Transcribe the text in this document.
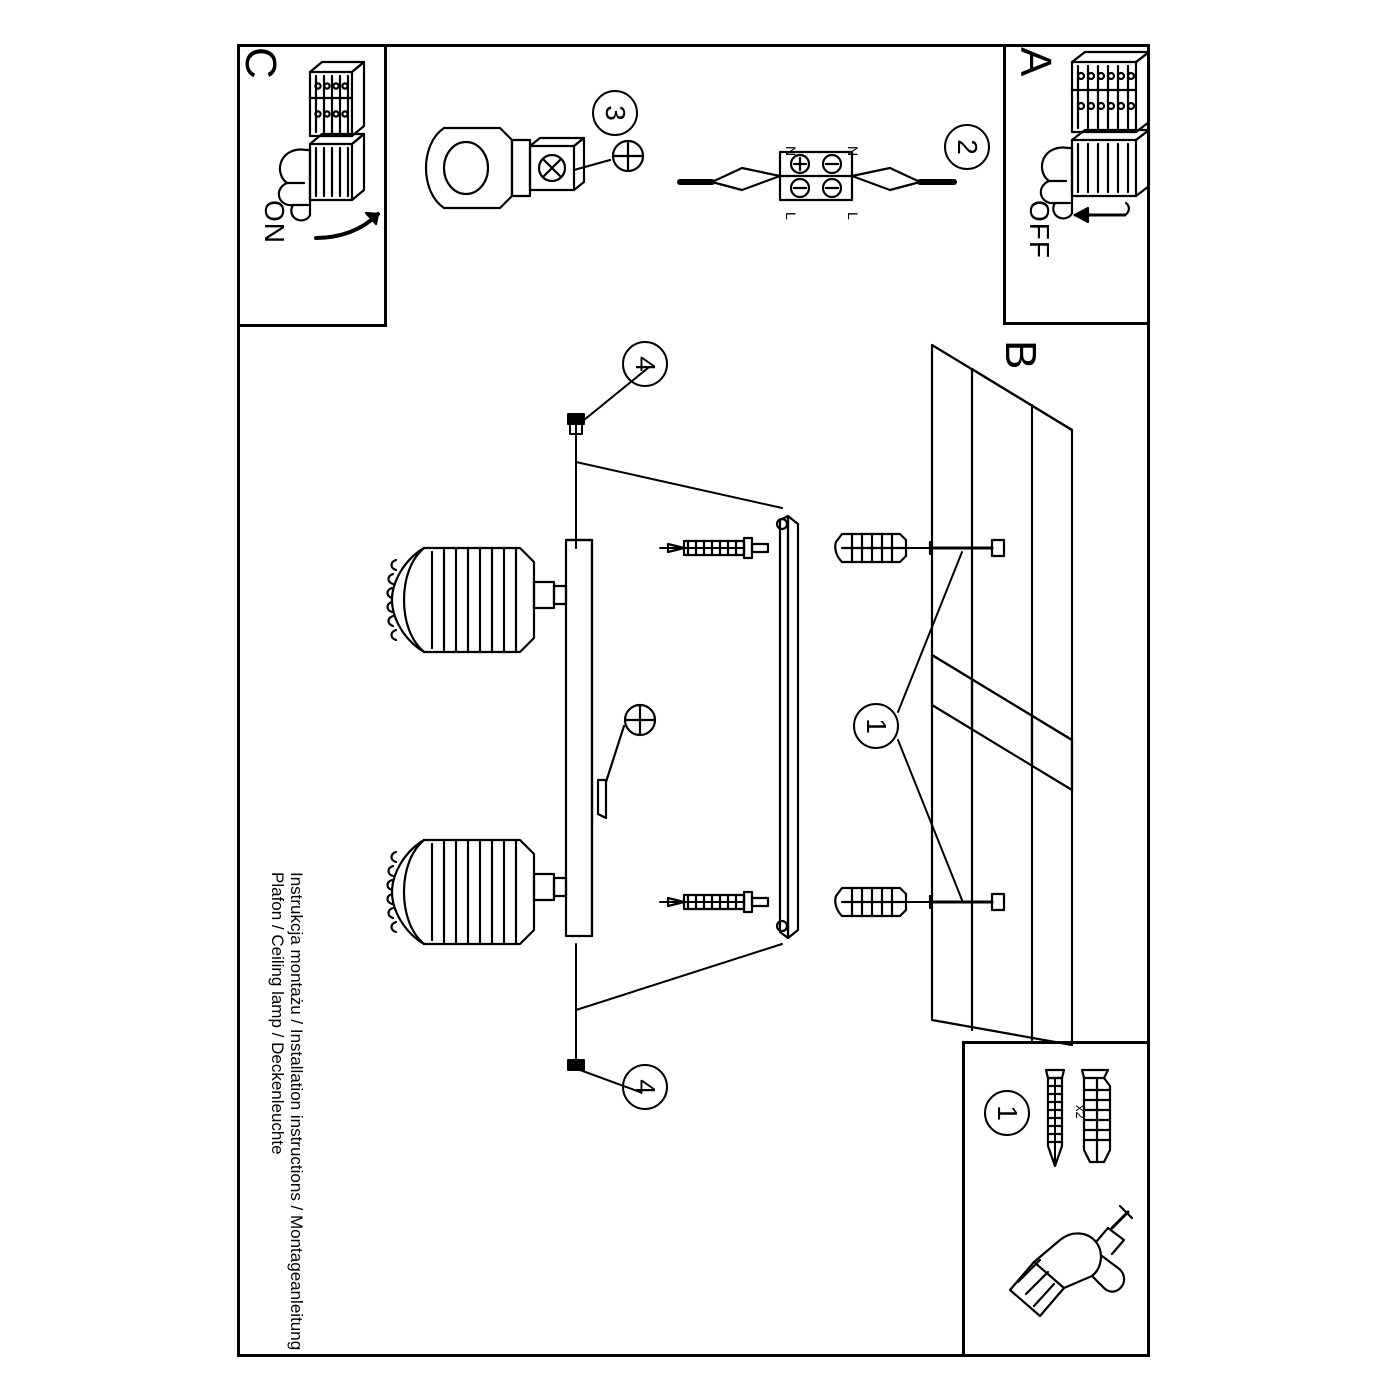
A
OFF
C
ON
B
Instrukcja montażu / Installation instructions / Montageanleitung
Plafon / Ceiling lamp / Deckenleuchte
2
3
4
4
1
1	x2
N	N
L	L
